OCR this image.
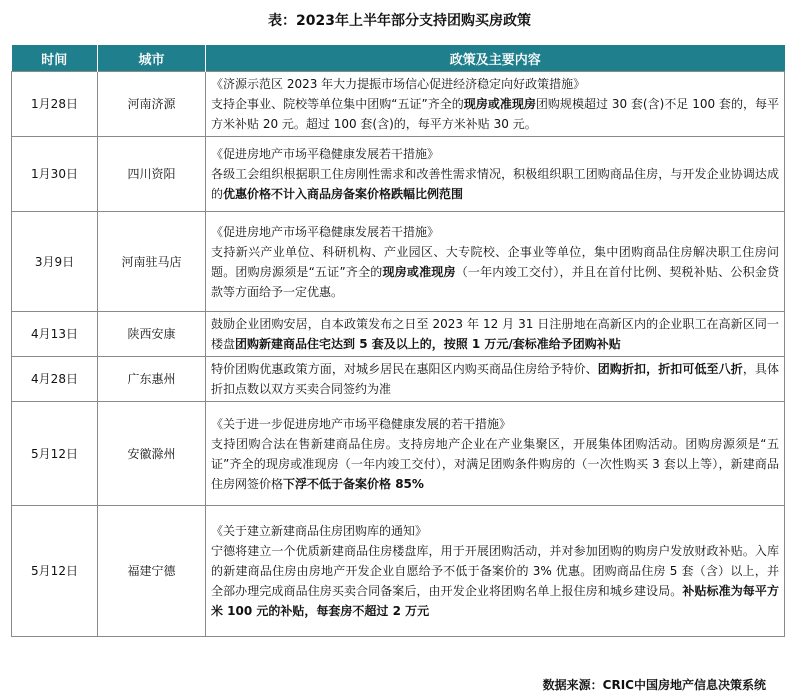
表：2023年上半年部分支持团购买房政策
时间	城市	政策及主要内容
1月28日	河南济源	《济源示范区 2023 年大力提振市场信心促进经济稳定向好政策措施》
支持企事业、院校等单位集中团购“五证”齐全的现房或准现房团购规模超过 30 套(含)不足 100 套的，每平方米补贴 20 元。超过 100 套(含)的，每平方米补贴 30 元。
1月30日	四川资阳	《促进房地产市场平稳健康发展若干措施》
各级工会组织根据职工住房刚性需求和改善性需求情况，积极组织职工团购商品住房，与开发企业协调达成的优惠价格不计入商品房备案价格跌幅比例范围
3月9日	河南驻马店	《促进房地产市场平稳健康发展若干措施》
支持新兴产业单位、科研机构、产业园区、大专院校、企事业等单位，集中团购商品住房解决职工住房问题。团购房源须是“五证”齐全的现房或准现房（一年内竣工交付），并且在首付比例、契税补贴、公积金贷款等方面给予一定优惠。
4月13日	陕西安康	鼓励企业团购安居，自本政策发布之日至 2023 年 12 月 31 日注册地在高新区内的企业职工在高新区同一楼盘团购新建商品住宅达到 5 套及以上的，按照 1 万元/套标准给予团购补贴
4月28日	广东惠州	特价团购优惠政策方面，对城乡居民在惠阳区内购买商品住房给予特价、团购折扣，折扣可低至八折，具体折扣点数以双方买卖合同签约为准
5月12日	安徽滁州	《关于进一步促进房地产市场平稳健康发展的若干措施》
支持团购合法在售新建商品住房。支持房地产企业在产业集聚区，开展集体团购活动。团购房源须是“五证”齐全的现房或准现房（一年内竣工交付），对满足团购条件购房的（一次性购买 3 套以上等），新建商品住房网签价格下浮不低于备案价格 85%
5月12日	福建宁德	《关于建立新建商品住房团购库的通知》
宁德将建立一个优质新建商品住房楼盘库，用于开展团购活动，并对参加团购的购房户发放财政补贴。入库的新建商品住房由房地产开发企业自愿给予不低于备案价的 3% 优惠。团购商品住房 5 套（含）以上，并全部办理完成商品住房买卖合同备案后，由开发企业将团购名单上报住房和城乡建设局。补贴标准为每平方米 100 元的补贴，每套房不超过 2 万元
数据来源：CRIC中国房地产信息决策系统
